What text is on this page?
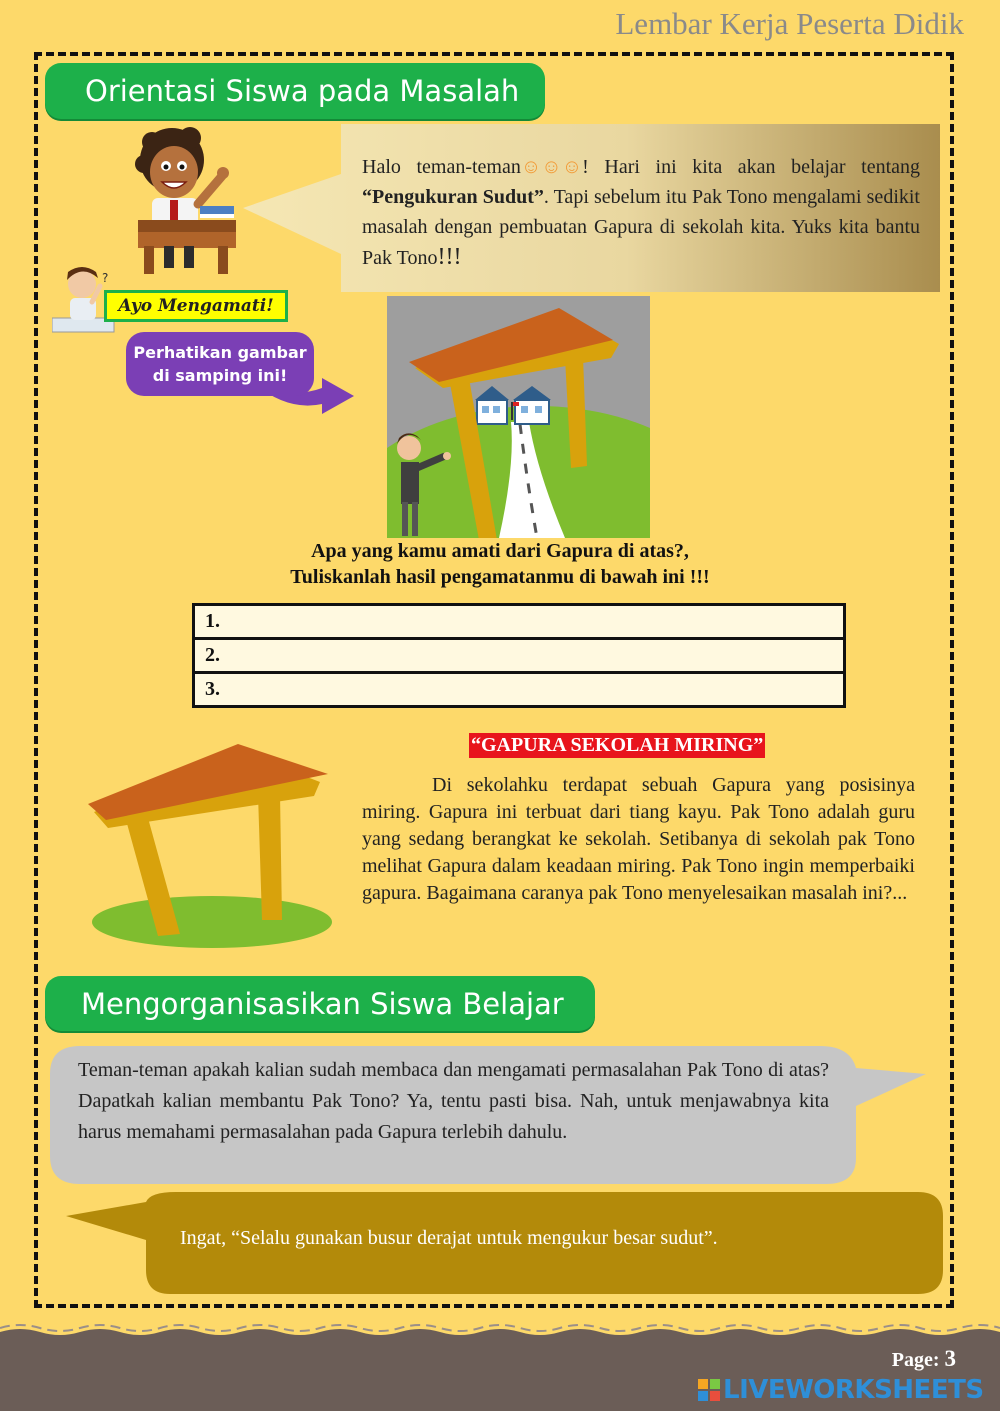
Lembar Kerja Peserta Didik
Orientasi Siswa pada Masalah
Halo teman-teman☺☺☺! Hari ini kita akan belajar tentang “Pengukuran Sudut”. Tapi sebelum itu Pak Tono mengalami sedikit masalah dengan pembuatan Gapura di sekolah kita. Yuks kita bantu Pak Tono!!!
?
Ayo Mengamati!
Perhatikan gambar
di samping ini!
Apa yang kamu amati dari Gapura di atas?,
Tuliskanlah hasil pengamatanmu di bawah ini !!!
1.
2.
3.
“GAPURA SEKOLAH MIRING”
Di sekolahku terdapat sebuah Gapura yang posisinya miring. Gapura ini terbuat dari tiang kayu. Pak Tono adalah guru yang sedang berangkat ke sekolah. Setibanya di sekolah pak Tono melihat Gapura dalam keadaan miring. Pak Tono ingin memperbaiki gapura. Bagaimana caranya pak Tono menyelesaikan masalah ini?...
Mengorganisasikan Siswa Belajar
Teman-teman apakah kalian sudah membaca dan mengamati permasalahan Pak Tono di atas? Dapatkah kalian membantu Pak Tono? Ya, tentu pasti bisa. Nah, untuk menjawabnya kita harus memahami permasalahan pada Gapura terlebih dahulu.
Ingat, “Selalu gunakan busur derajat untuk mengukur besar sudut”.
Page: 3
LIVEWORKSHEETS
